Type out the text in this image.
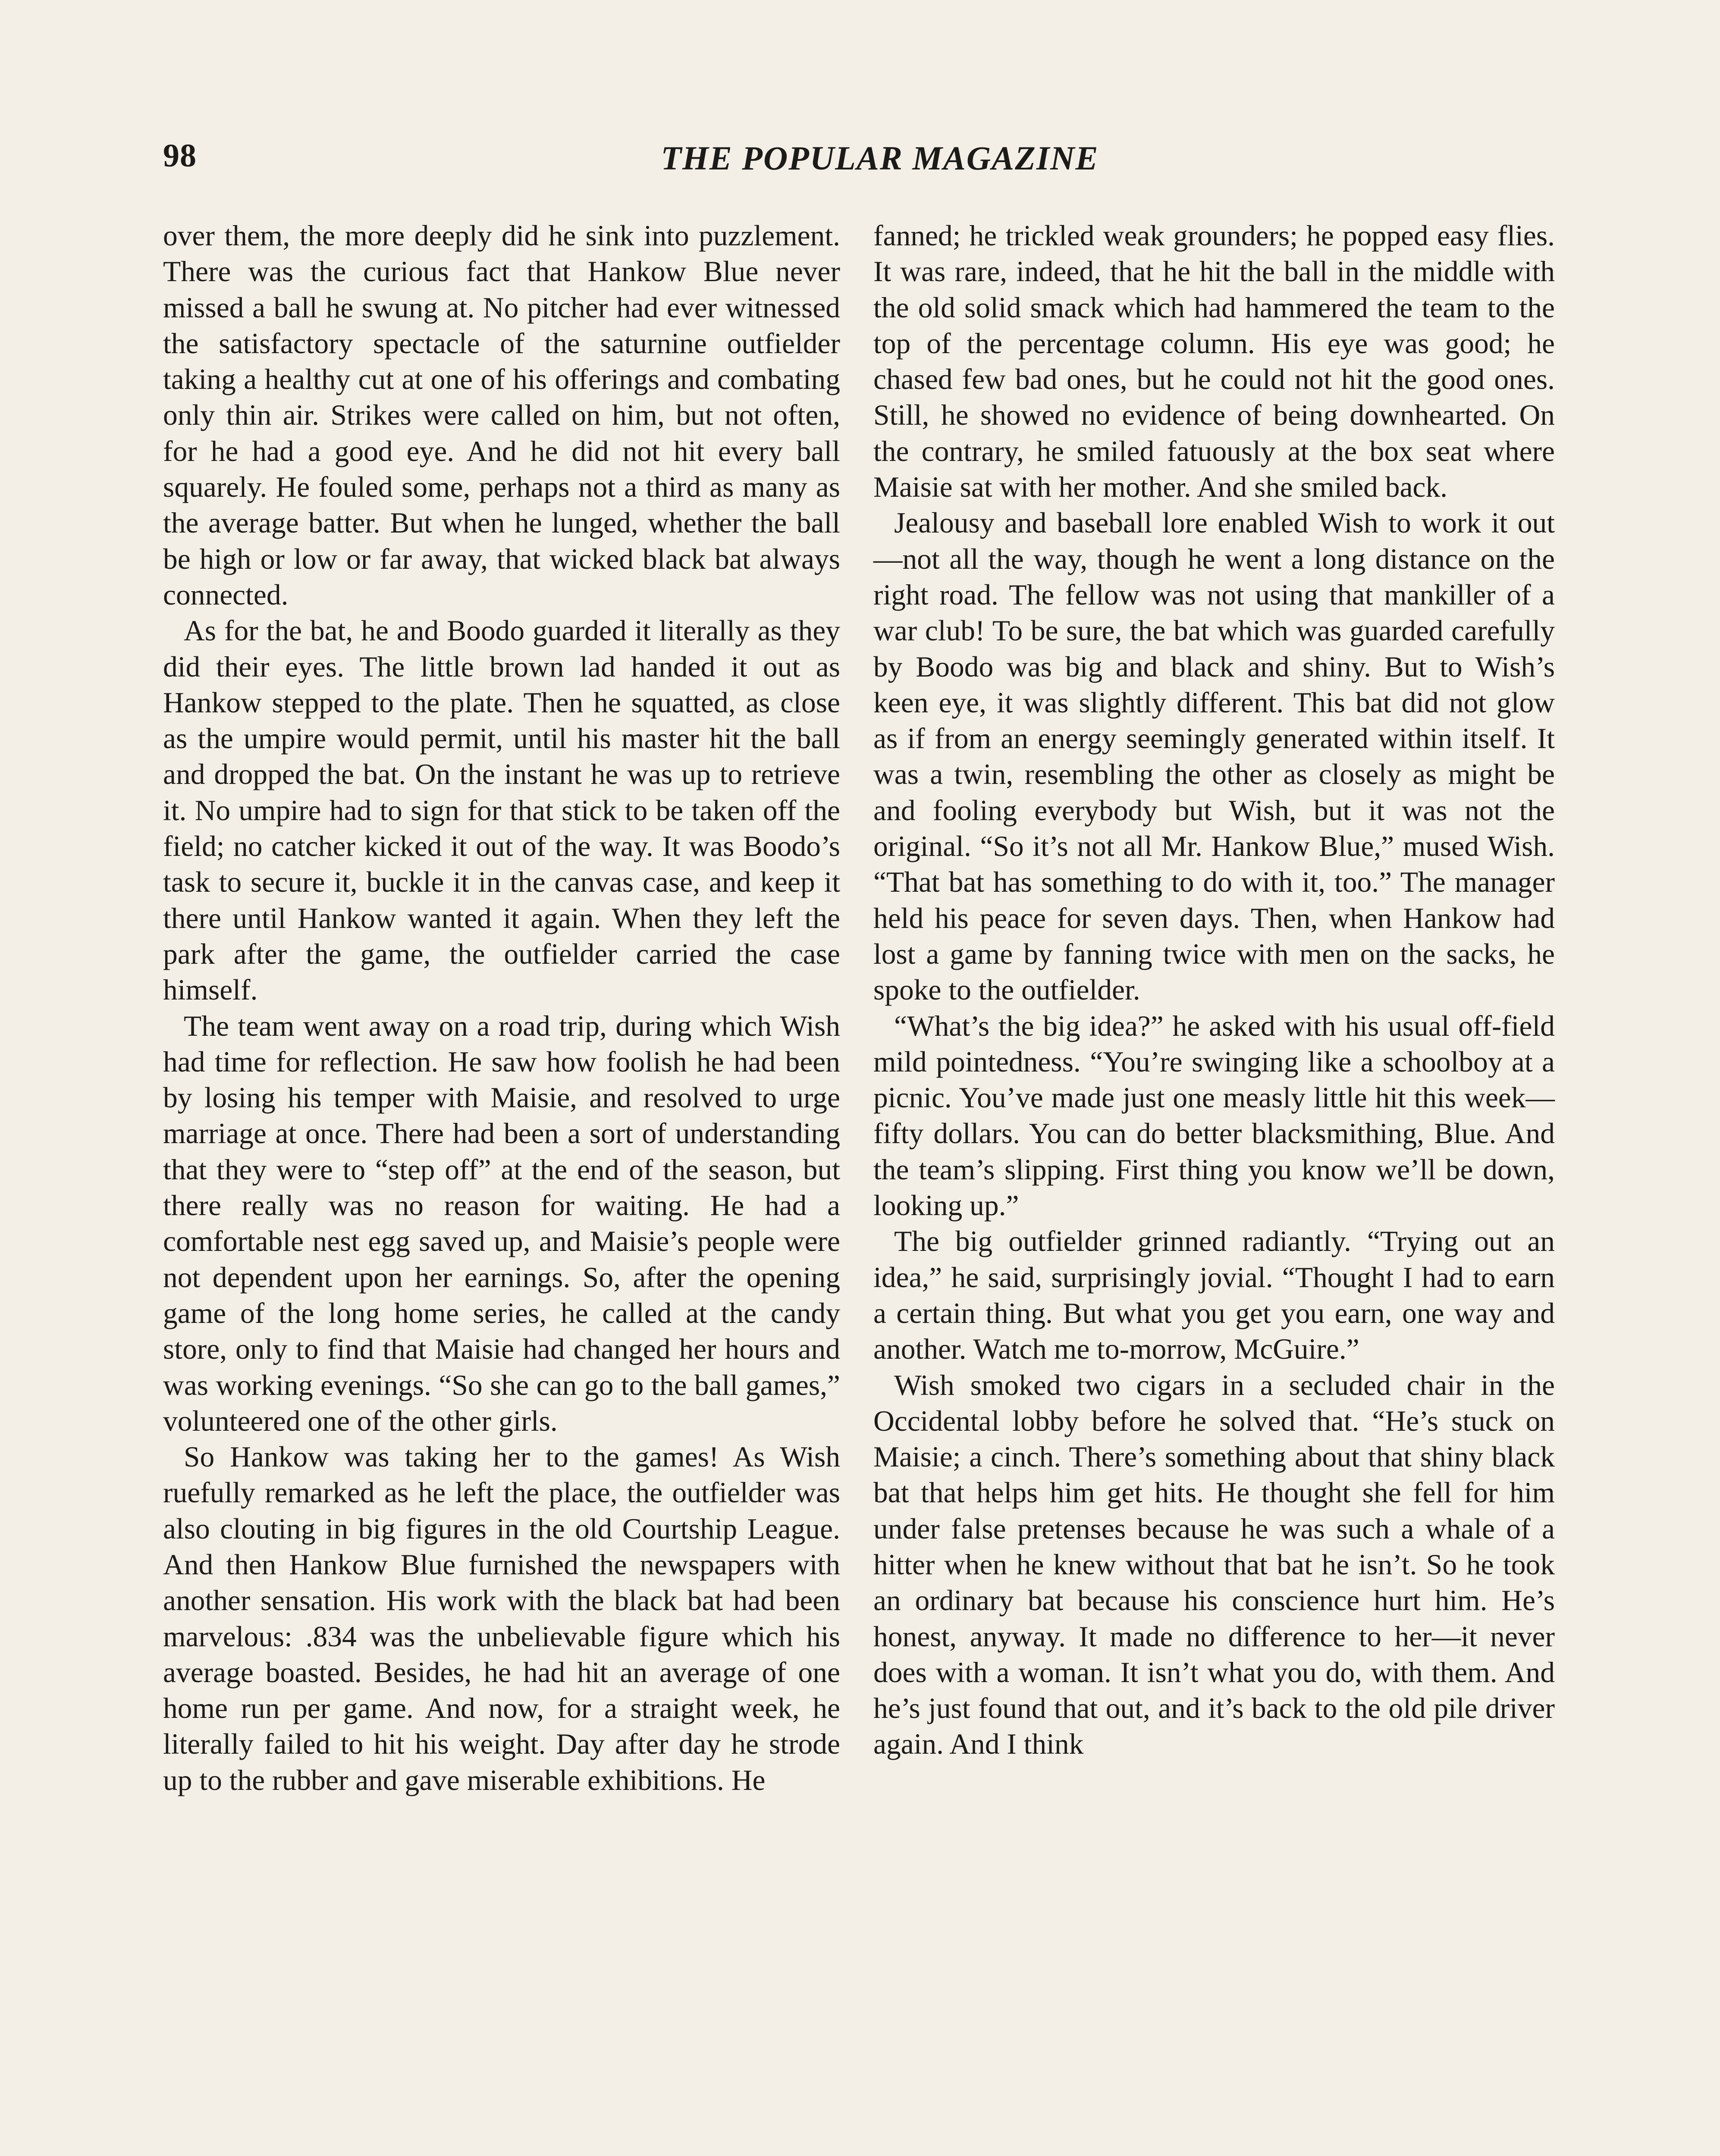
98	THE POPULAR MAGAZINE

over them, the more deeply did he sink into puzzlement. There was the curious fact that Hankow Blue never missed a ball he swung at. No pitcher had ever witnessed the satisfactory spectacle of the saturnine outfielder taking a healthy cut at one of his offerings and combating only thin air. Strikes were called on him, but not often, for he had a good eye. And he did not hit every ball squarely. He fouled some, perhaps not a third as many as the average batter. But when he lunged, whether the ball be high or low or far away, that wicked black bat always connected.

As for the bat, he and Boodo guarded it literally as they did their eyes. The little brown lad handed it out as Hankow stepped to the plate. Then he squatted, as close as the umpire would permit, until his master hit the ball and dropped the bat. On the instant he was up to retrieve it. No umpire had to sign for that stick to be taken off the field; no catcher kicked it out of the way. It was Boodo’s task to secure it, buckle it in the canvas case, and keep it there until Hankow wanted it again. When they left the park after the game, the outfielder carried the case himself.

The team went away on a road trip, during which Wish had time for reflection. He saw how foolish he had been by losing his temper with Maisie, and resolved to urge marriage at once. There had been a sort of understanding that they were to “step off” at the end of the season, but there really was no reason for waiting. He had a comfortable nest egg saved up, and Maisie’s people were not dependent upon her earnings. So, after the opening game of the long home series, he called at the candy store, only to find that Maisie had changed her hours and was working evenings. “So she can go to the ball games,” volunteered one of the other girls.

So Hankow was taking her to the games! As Wish ruefully remarked as he left the place, the outfielder was also clouting in big figures in the old Courtship League. And then Hankow Blue furnished the newspapers with another sensation. His work with the black bat had been marvelous: .834 was the unbelievable figure which his average boasted. Besides, he had hit an average of one home run per game. And now, for a straight week, he literally failed to hit his weight. Day after day he strode up to the rubber and gave miserable exhibitions. He

fanned; he trickled weak grounders; he popped easy flies. It was rare, indeed, that he hit the ball in the middle with the old solid smack which had hammered the team to the top of the percentage column. His eye was good; he chased few bad ones, but he could not hit the good ones. Still, he showed no evidence of being downhearted. On the contrary, he smiled fatuously at the box seat where Maisie sat with her mother. And she smiled back.

Jealousy and baseball lore enabled Wish to work it out—not all the way, though he went a long distance on the right road. The fellow was not using that mankiller of a war club! To be sure, the bat which was guarded carefully by Boodo was big and black and shiny. But to Wish’s keen eye, it was slightly different. This bat did not glow as if from an energy seemingly generated within itself. It was a twin, resembling the other as closely as might be and fooling everybody but Wish, but it was not the original. “So it’s not all Mr. Hankow Blue,” mused Wish. “That bat has something to do with it, too.” The manager held his peace for seven days. Then, when Hankow had lost a game by fanning twice with men on the sacks, he spoke to the outfielder.

“What’s the big idea?” he asked with his usual off-field mild pointedness. “You’re swinging like a schoolboy at a picnic. You’ve made just one measly little hit this week—fifty dollars. You can do better blacksmithing, Blue. And the team’s slipping. First thing you know we’ll be down, looking up.”

The big outfielder grinned radiantly. “Trying out an idea,” he said, surprisingly jovial. “Thought I had to earn a certain thing. But what you get you earn, one way and another. Watch me to-morrow, McGuire.”

Wish smoked two cigars in a secluded chair in the Occidental lobby before he solved that. “He’s stuck on Maisie; a cinch. There’s something about that shiny black bat that helps him get hits. He thought she fell for him under false pretenses because he was such a whale of a hitter when he knew without that bat he isn’t. So he took an ordinary bat because his conscience hurt him. He’s honest, anyway. It made no difference to her—it never does with a woman. It isn’t what you do, with them. And he’s just found that out, and it’s back to the old pile driver again. And I think
